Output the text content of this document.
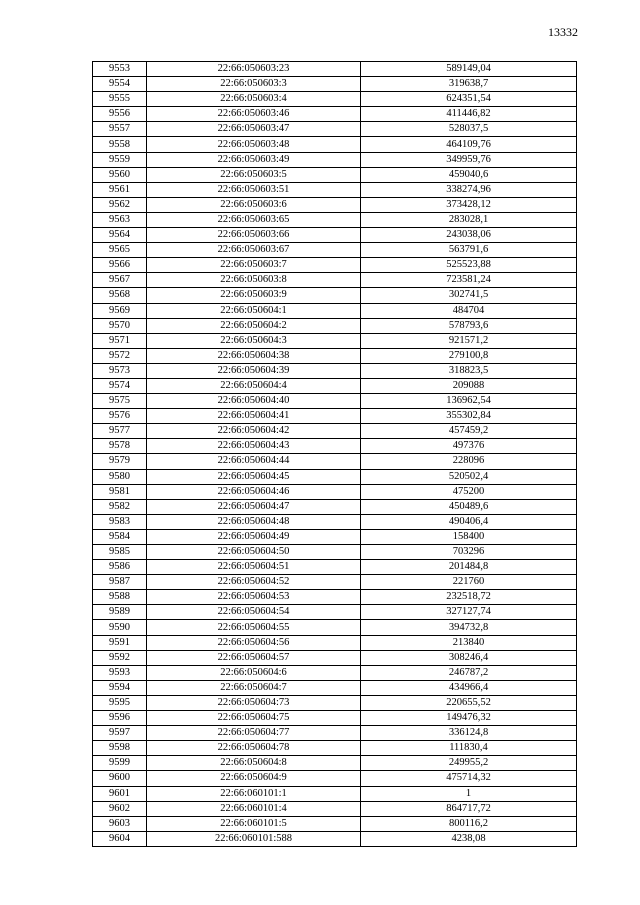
13332
9553	22:66:050603:23	589149,04
9554	22:66:050603:3	319638,7
9555	22:66:050603:4	624351,54
9556	22:66:050603:46	411446,82
9557	22:66:050603:47	528037,5
9558	22:66:050603:48	464109,76
9559	22:66:050603:49	349959,76
9560	22:66:050603:5	459040,6
9561	22:66:050603:51	338274,96
9562	22:66:050603:6	373428,12
9563	22:66:050603:65	283028,1
9564	22:66:050603:66	243038,06
9565	22:66:050603:67	563791,6
9566	22:66:050603:7	525523,88
9567	22:66:050603:8	723581,24
9568	22:66:050603:9	302741,5
9569	22:66:050604:1	484704
9570	22:66:050604:2	578793,6
9571	22:66:050604:3	921571,2
9572	22:66:050604:38	279100,8
9573	22:66:050604:39	318823,5
9574	22:66:050604:4	209088
9575	22:66:050604:40	136962,54
9576	22:66:050604:41	355302,84
9577	22:66:050604:42	457459,2
9578	22:66:050604:43	497376
9579	22:66:050604:44	228096
9580	22:66:050604:45	520502,4
9581	22:66:050604:46	475200
9582	22:66:050604:47	450489,6
9583	22:66:050604:48	490406,4
9584	22:66:050604:49	158400
9585	22:66:050604:50	703296
9586	22:66:050604:51	201484,8
9587	22:66:050604:52	221760
9588	22:66:050604:53	232518,72
9589	22:66:050604:54	327127,74
9590	22:66:050604:55	394732,8
9591	22:66:050604:56	213840
9592	22:66:050604:57	308246,4
9593	22:66:050604:6	246787,2
9594	22:66:050604:7	434966,4
9595	22:66:050604:73	220655,52
9596	22:66:050604:75	149476,32
9597	22:66:050604:77	336124,8
9598	22:66:050604:78	111830,4
9599	22:66:050604:8	249955,2
9600	22:66:050604:9	475714,32
9601	22:66:060101:1	1
9602	22:66:060101:4	864717,72
9603	22:66:060101:5	800116,2
9604	22:66:060101:588	4238,08
